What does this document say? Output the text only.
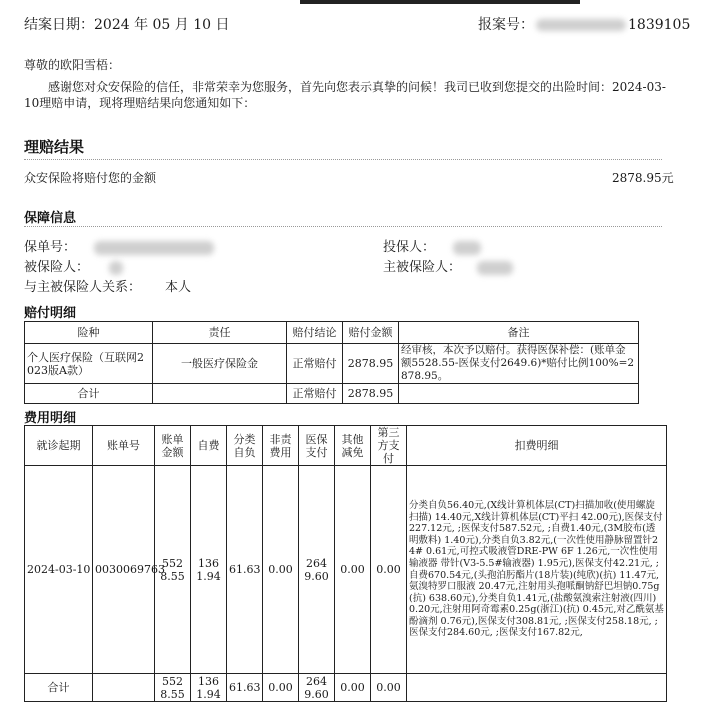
结案日期：2024 年 05 月 10 日	报案号：	1839105
尊敬的欧阳雪梧：
感谢您对众安保险的信任，非常荣幸为您服务，首先向您表示真挚的问候！我司已收到您提交的出险时间：2024-03-
10理赔申请，现将理赔结果向您通知如下：
理赔结果
众安保险将赔付您的金额	2878.95元
保障信息
保单号：	投保人：
被保险人：	主被保险人：
与主被保险人关系： 本人
赔付明细
险种	责任	赔付结论	赔付金额	备注
个人医疗保险（互联网2023版A款）	一般医疗保险金	正常赔付	2878.95	经审核，本次予以赔付。获得医保补偿：(账单金额5528.55-医保支付2649.6)*赔付比例100%=2878.95。
合计		正常赔付	2878.95	
费用明细
就诊起期	账单号	账单金额	自费	分类自负	非责费用	医保支付	其他减免	第三方支付	扣费明细
2024-03-10	0030069763	5528.55	1361.94	61.63	0.00	2649.60	0.00	0.00	分类自负56.40元,(X线计算机体层(CT)扫描加收(使用螺旋扫描) 14.40元,X线计算机体层(CT)平扫 42.00元),医保支付227.12元, ;医保支付587.52元, ;自费1.40元,(3M胶布(透明敷料) 1.40元),分类自负3.82元,(一次性使用静脉留置针24# 0.61元,可控式吸液管DRE-PW 6F 1.26元,一次性使用输液器 带针(V3-5.5#输液器) 1.95元),医保支付42.21元, ;自费670.54元,(头孢泊肟酯片(18片装)(纯欣)(抗) 11.47元,氨溴特罗口服液 20.47元,注射用头孢哌酮钠舒巴坦钠0.75g(抗) 638.60元),分类自负1.41元,(盐酸氨溴索注射液(四川) 0.20元,注射用阿奇霉素0.25g(浙江)(抗) 0.45元,对乙酰氨基酚滴剂 0.76元),医保支付308.81元, ;医保支付258.18元, ;医保支付284.60元, ;医保支付167.82元,
合计		5528.55	1361.94	61.63	0.00	2649.60	0.00	0.00	
